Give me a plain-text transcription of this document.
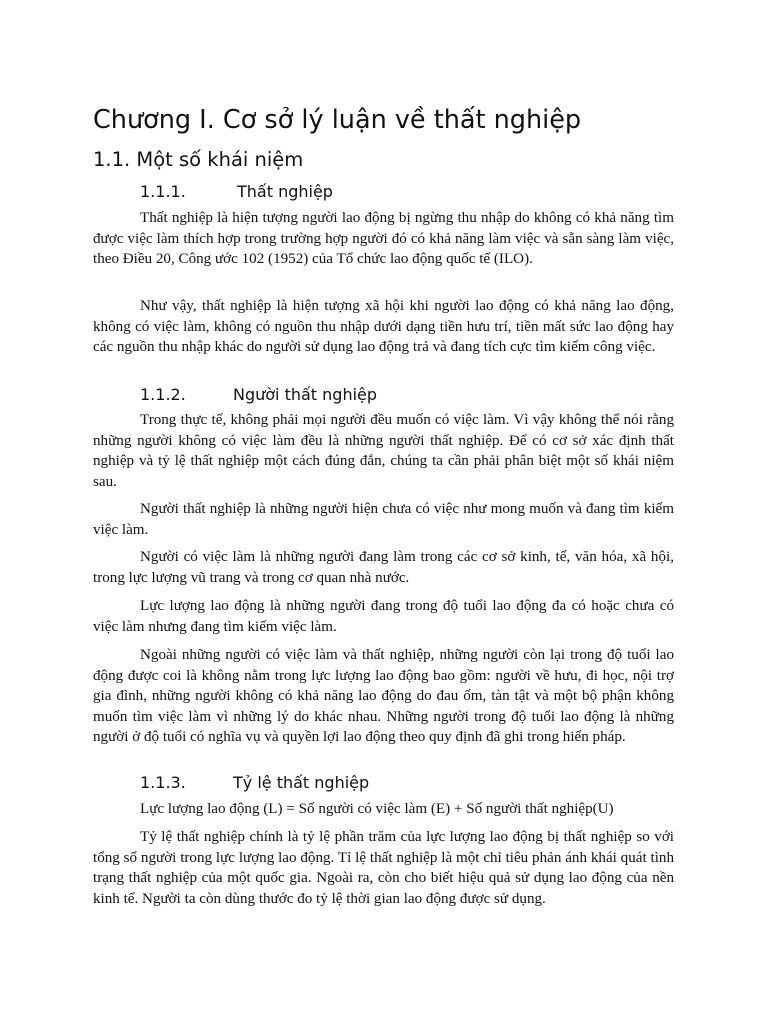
Chương I. Cơ sở lý luận về thất nghiệp
1.1. Một số khái niệm
1.1.1.	Thất nghiệp

Thất nghiệp là hiện tượng người lao động bị ngừng thu nhập do không có khả năng tìm được việc làm thích hợp trong trường hợp người đó có khả năng làm việc và sẵn sàng làm việc, theo Điều 20, Công ước 102 (1952) của Tổ chức lao động quốc tế (ILO).

Như vậy, thất nghiệp là hiện tượng xã hội khi người lao động có khả năng lao động, không có việc làm, không có nguồn thu nhập dưới dạng tiền hưu trí, tiền mất sức lao động hay các nguồn thu nhập khác do người sử dụng lao động trả và đang tích cực tìm kiếm công việc.

1.1.2.	Người thất nghiệp

Trong thực tế, không phải mọi người đều muốn có việc làm. Vì vậy không thể nói rằng những người không có việc làm đều là những người thất nghiệp. Để có cơ sở xác định thất nghiệp và tỷ lệ thất nghiệp một cách đúng đắn, chúng ta cần phải phân biệt một số khái niệm sau.

Người thất nghiệp là những người hiện chưa có việc như mong muốn và đang tìm kiếm việc làm.

Người có việc làm là những người đang làm trong các cơ sở kinh, tế, văn hóa, xã hội, trong lực lượng vũ trang và trong cơ quan nhà nước.

Lực lượng lao động là những người đang trong độ tuổi lao động đa có hoặc chưa có việc làm nhưng đang tìm kiếm việc làm.

Ngoài những người có việc làm và thất nghiệp, những người còn lại trong độ tuổi lao động được coi là không nằm trong lực lượng lao động bao gồm: người về hưu, đi học, nội trợ gia đình, những người không có khả năng lao động do đau ốm, tàn tật và một bộ phận không muốn tìm việc làm vì những lý do khác nhau. Những người trong độ tuổi lao động là những người ở độ tuổi có nghĩa vụ và quyền lợi lao động theo quy định đã ghi trong hiến pháp.

1.1.3.	Tỷ lệ thất nghiệp

Lực lượng lao động (L) = Số người có việc làm (E) + Số người thất nghiệp(U)

Tỷ lệ thất nghiệp chính là tỷ lệ phần trăm của lực lượng lao động bị thất nghiệp so với tổng số người trong lực lượng lao động. Tỉ lệ thất nghiệp là một chỉ tiêu phản ánh khái quát tình trạng thất nghiệp của một quốc gia. Ngoài ra, còn cho biết hiệu quả sử dụng lao động của nền kinh tế. Người ta còn dùng thước đo tỷ lệ thời gian lao động được sử dụng.
